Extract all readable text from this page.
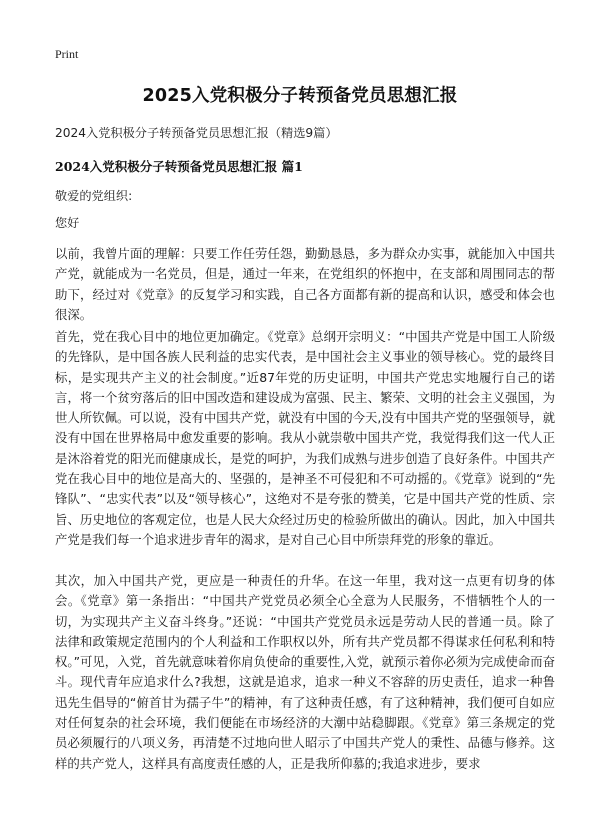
Print
2025入党积极分子转预备党员思想汇报
2024入党积极分子转预备党员思想汇报（精选9篇）
2024入党积极分子转预备党员思想汇报 篇1
敬爱的党组织:
您好

以前，我曾片面的理解：只要工作任劳任怨，勤勤恳恳，多为群众办实事，就能加入中国共产党，就能成为一名党员，但是，通过一年来，在党组织的怀抱中，在支部和周围同志的帮助下，经过对《党章》的反复学习和实践，自己各方面都有新的提高和认识，感受和体会也很深。

首先，党在我心目中的地位更加确定。《党章》总纲开宗明义：“中国共产党是中国工人阶级的先锋队，是中国各族人民利益的忠实代表，是中国社会主义事业的领导核心。党的最终目标，是实现共产主义的社会制度。”近87年党的历史证明，中国共产党忠实地履行自己的诺言，将一个贫穷落后的旧中国改造和建设成为富强、民主、繁荣、文明的社会主义强国，为世人所钦佩。可以说，没有中国共产党，就没有中国的今天,没有中国共产党的坚强领导，就没有中国在世界格局中愈发重要的影响。我从小就崇敬中国共产党，我觉得我们这一代人正是沐浴着党的阳光而健康成长，是党的呵护，为我们成熟与进步创造了良好条件。中国共产党在我心目中的地位是高大的、坚强的，是神圣不可侵犯和不可动摇的。《党章》说到的“先锋队”、“忠实代表”以及“领导核心”，这绝对不是夸张的赞美，它是中国共产党的性质、宗旨、历史地位的客观定位，也是人民大众经过历史的检验所做出的确认。因此，加入中国共产党是我们每一个追求进步青年的渴求，是对自己心目中所崇拜党的形象的靠近。

其次，加入中国共产党，更应是一种责任的升华。在这一年里，我对这一点更有切身的体会。《党章》第一条指出：“中国共产党党员必须全心全意为人民服务，不惜牺牲个人的一切，为实现共产主义奋斗终身。”还说：“中国共产党党员永远是劳动人民的普通一员。除了法律和政策规定范围内的个人利益和工作职权以外，所有共产党员都不得谋求任何私利和特权。”可见，入党，首先就意味着你肩负使命的重要性,入党，就预示着你必须为完成使命而奋斗。现代青年应追求什么?我想，这就是追求，追求一种义不容辞的历史责任，追求一种鲁迅先生倡导的“俯首甘为孺子牛”的精神，有了这种责任感，有了这种精神，我们便可自如应对任何复杂的社会环境，我们便能在市场经济的大潮中站稳脚跟。《党章》第三条规定的党员必须履行的八项义务，再清楚不过地向世人昭示了中国共产党人的秉性、品德与修养。这样的共产党人，这样具有高度责任感的人，正是我所仰慕的;我追求进步，要求
